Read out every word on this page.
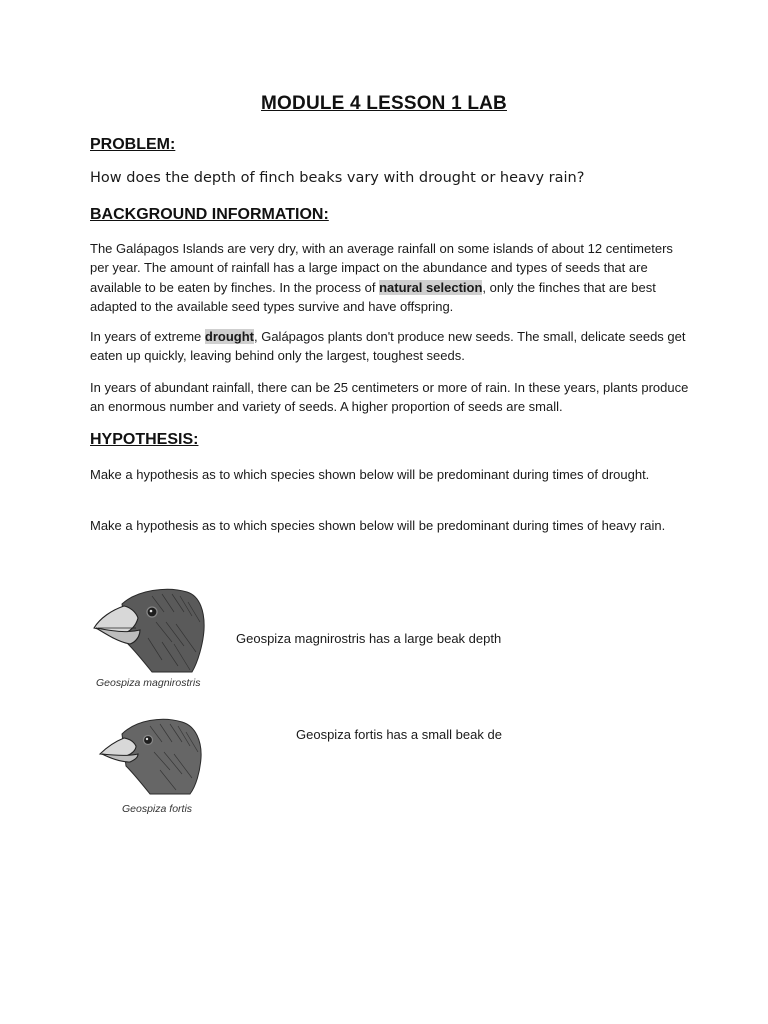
MODULE 4 LESSON 1 LAB
PROBLEM:
How does the depth of finch beaks vary with drought or heavy rain?
BACKGROUND INFORMATION:
The Galápagos Islands are very dry, with an average rainfall on some islands of about 12 centimeters per year. The amount of rainfall has a large impact on the abundance and types of seeds that are available to be eaten by finches. In the process of natural selection, only the finches that are best adapted to the available seed types survive and have offspring.
In years of extreme drought, Galápagos plants don't produce new seeds. The small, delicate seeds get eaten up quickly, leaving behind only the largest, toughest seeds.
In years of abundant rainfall, there can be 25 centimeters or more of rain. In these years, plants produce an enormous number and variety of seeds. A higher proportion of seeds are small.
HYPOTHESIS:
Make a hypothesis as to which species shown below will be predominant during times of drought.
Make a hypothesis as to which species shown below will be predominant during times of heavy rain.
Geospiza magnirostris
Geospiza magnirostris has a large beak depth
Geospiza fortis
Geospiza fortis has a small beak de
